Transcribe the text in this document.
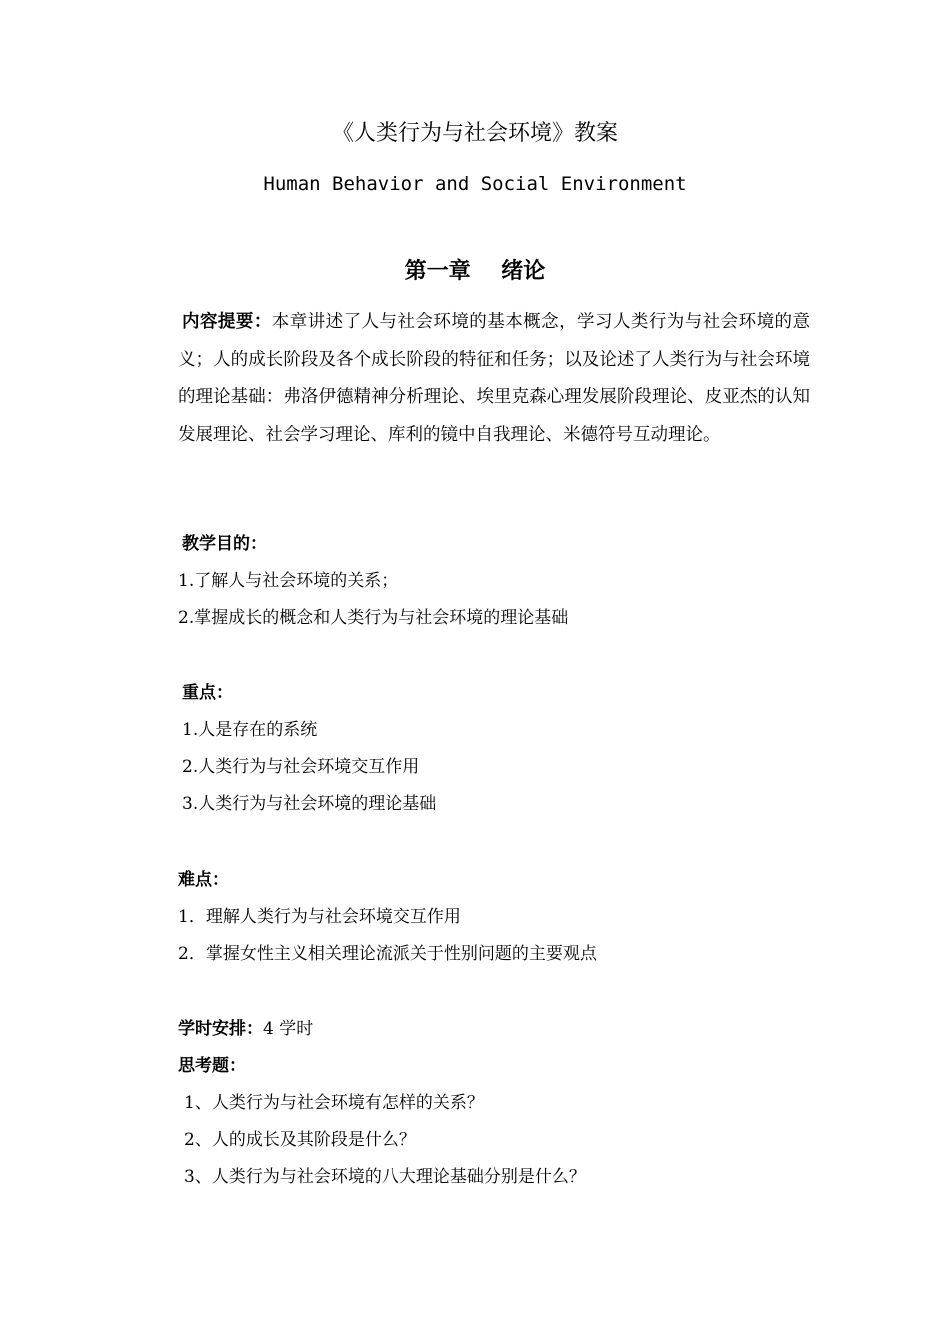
《人类行为与社会环境》教案
Human Behavior and Social Environment
第一章    绪论
内容提要：本章讲述了人与社会环境的基本概念，学习人类行为与社会环境的意义；人的成长阶段及各个成长阶段的特征和任务；以及论述了人类行为与社会环境的理论基础：弗洛伊德精神分析理论、埃里克森心理发展阶段理论、皮亚杰的认知发展理论、社会学习理论、库利的镜中自我理论、米德符号互动理论。
教学目的：
1.了解人与社会环境的关系；
2.掌握成长的概念和人类行为与社会环境的理论基础
重点：
1.人是存在的系统
2.人类行为与社会环境交互作用
3.人类行为与社会环境的理论基础
难点：
1．理解人类行为与社会环境交互作用
2．掌握女性主义相关理论流派关于性别问题的主要观点
学时安排：4 学时
思考题：
1、人类行为与社会环境有怎样的关系？
2、人的成长及其阶段是什么？
3、人类行为与社会环境的八大理论基础分别是什么？
